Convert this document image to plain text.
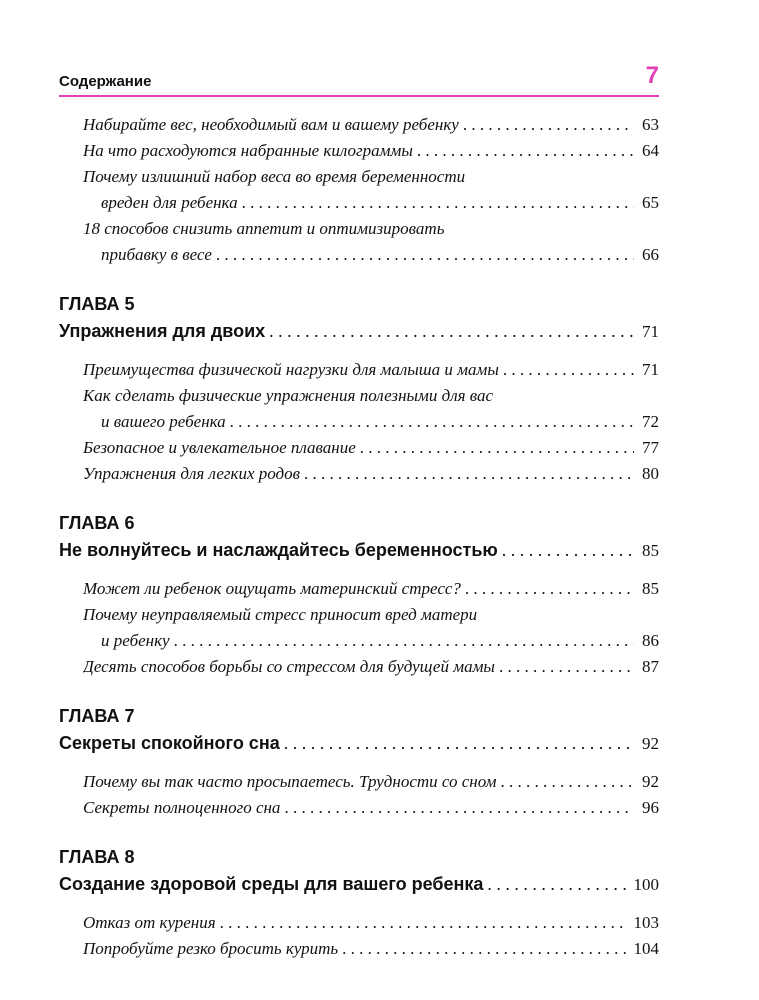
Содержание	7
Набирайте вес, необходимый вам и вашему ребенку . . .	63
На что расходуются набранные килограммы . . .	64
Почему излишний набор веса во время беременности
вреден для ребенка . . .	65
18 способов снизить аппетит и оптимизировать
прибавку в весе . . .	66
ГЛАВА 5
Упражнения для двоих . . .	71
Преимущества физической нагрузки для малыша и мамы . . .	71
Как сделать физические упражнения полезными для вас
и вашего ребенка . . .	72
Безопасное и увлекательное плавание . . .	77
Упражнения для легких родов . . .	80
ГЛАВА 6
Не волнуйтесь и наслаждайтесь беременностью . . .	85
Может ли ребенок ощущать материнский стресс? . . .	85
Почему неуправляемый стресс приносит вред матери
и ребенку . . .	86
Десять способов борьбы со стрессом для будущей мамы . . .	87
ГЛАВА 7
Секреты спокойного сна . . .	92
Почему вы так часто просыпаетесь. Трудности со сном . . .	92
Секреты полноценного сна . . .	96
ГЛАВА 8
Создание здоровой среды для вашего ребенка . . .	100
Отказ от курения . . .	103
Попробуйте резко бросить курить . . .	104
